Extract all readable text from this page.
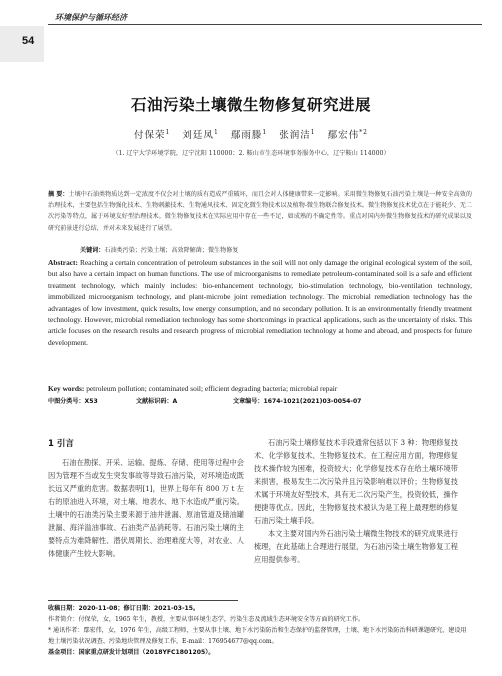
54
环境保护与循环经济
石油污染土壤微生物修复研究进展
付保荣$^1$ 刘廷凤$^1$ 鄢雨滕$^1$ 张润洁$^1$ 鄢宏伟$^{*2}$
（1. 辽宁大学环境学院，辽宁沈阳 110000；2. 鞍山市生态环境事务服务中心，辽宁鞍山 114000）
摘 要：土壤中石油类物质达到一定浓度不仅会对土壤的质有造成严重破坏，而且会对人体健康带来一定影响。采用微生物修复石油污染土壤是一种安全高效的治理技术，主要包括生物强化技术、生物刺激技术、生物通风技术、固定化微生物技术以及植物-微生物联合修复技术。微生物修复技术优点在于能耗少、无二次污染等特点，属于环境友好型治理技术。微生物修复技术在实际应用中存在一些不足，如成熟的不确定性等。重点对国内外微生物修复技术的研究成果以及研究前景进行总结，并对未来发展进行了展望。
关键词：石油类污染；污染土壤；高效降解菌；微生物修复
Abstract: Reaching a certain concentration of petroleum substances in the soil will not only damage the original ecological system of the soil, but also have a certain impact on human functions. The use of microorganisms to remediate petroleum-contaminated soil is a safe and efficient treatment technology, which mainly includes: bio-enhancement technology, bio-stimulation technology, bio-ventilation technology, immobilized microorganism technology, and plant-microbe joint remediation technology. The microbial remediation technology has the advantages of low investment, quick results, low energy consumption, and no secondary pollution. It is an environmentally friendly treatment technology. However, microbial remediation technology has some shortcomings in practical applications, such as the uncertainty of risks. This article focuses on the research results and research progress of microbial remediation technology at home and abroad, and prospects for future development.
Key words: petroleum pollution; contaminated soil; efficient degrading bacteria; microbial repair
中图分类号：X53	文献标识码：A	文章编号：1674-1021(2021)03-0054-07
1 引言
石油在勘探、开采、运输、提炼、存储、使用等过程中会因为管理不当或发生突发事故等导致石油污染，对环境造成既长远又严重的危害。数据表明[1]，世界上每年有 800 万 t 左右的原油进入环境，对土壤、地表水、地下水造成严重污染。土壤中的石油类污染主要来源于油井泄漏、原油管道及储油罐泄漏、海洋溢油事故、石油类产品消耗等。石油污染土壤的主要特点为难降解性、潜伏周期长、治理难度大等，对农业、人体健康产生较大影响。

石油污染土壤修复技术手段通常包括以下 3 种：物理修复技术、化学修复技术、生物修复技术。在工程应用方面，物理修复技术操作较为困难，投资较大；化学修复技术存在给土壤环境带来损害，极易发生二次污染并且污染影响难以评价；生物修复技术属于环境友好型技术，具有无二次污染产生，投资较低，操作便捷等优点。因此，生物修复技术被认为是工程上最理想的修复石油污染土壤手段。

本文主要对国内外石油污染土壤微生物技术的研究成果进行梳理，在此基础上合理进行展望，为石油污染土壤生物修复工程应用提供参考。

收稿日期：2020-11-08；修订日期：2021-03-15。
作者简介：付保荣，女，1965 年生，教授，主要从事环境生态学，污染生态及流域生态环境安全等方面的研究工作。
* 通讯作者：鄢宏伟，女，1976 年生，高级工程师，主要从事土壤、地下水污染防治和生态保护的监督管理，土壤、地下水污染防治科研课题研究，建设用地土壤污染状况调查、污染地块管理及修复工作，E-mail：176954677@qq.com。
基金项目：国家重点研发计划项目（2018YFC1801205）。
